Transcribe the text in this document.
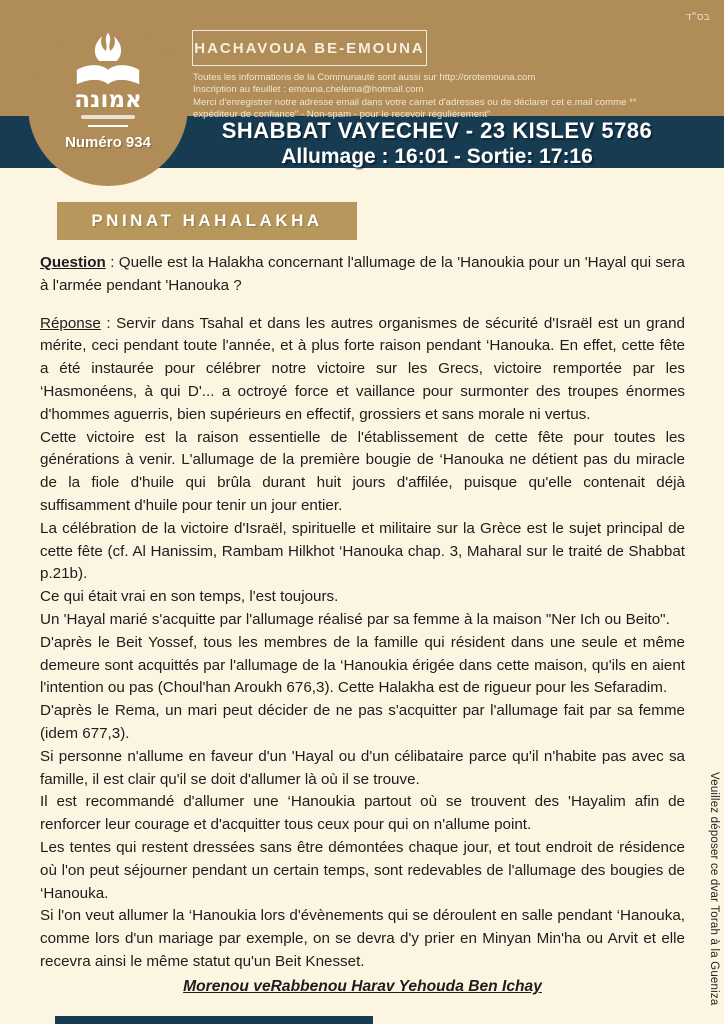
SHABBAT VAYECHEV - 23 KISLEV 5786
Allumage : 16:01 - Sortie: 17:16
בס"ד
HACHAVOUA BE-EMOUNA
Toutes les informations de la Communauté sont aussi sur http://orotemouna.com
Inscription au feuillet : emouna.chelema@hotmail.com
Merci d'enregistrer notre adresse email dans votre carnet d'adresses ou de déclarer cet e.mail comme **
expéditeur de confiance" - Non-spam - pour le recevoir régulièrement"
אמונה
Numéro 934
PNINAT HAHALAKHA

Question : Quelle est la Halakha concernant l'allumage de la 'Hanoukia pour un 'Hayal qui sera à l'armée pendant 'Hanouka ?

Réponse : Servir dans Tsahal et dans les autres organismes de sécurité d'Israël est un grand mérite, ceci pendant toute l'année, et à plus forte raison pendant ‘Hanouka. En effet, cette fête a été instaurée pour célébrer notre victoire sur les Grecs, victoire remportée par les ‘Hasmonéens, à qui D'... a octroyé force et vaillance pour surmonter des troupes énormes d'hommes aguerris, bien supérieurs en effectif, grossiers et sans morale ni vertus.

Cette victoire est la raison essentielle de l'établissement de cette fête pour toutes les générations à venir. L'allumage de la première bougie de ‘Hanouka ne détient pas du miracle de la fiole d'huile qui brûla durant huit jours d'affilée, puisque qu'elle contenait déjà suffisamment d'huile pour tenir un jour entier.

La célébration de la victoire d'Israël, spirituelle et militaire sur la Grèce est le sujet principal de cette fête (cf. Al Hanissim, Rambam Hilkhot ‘Hanouka chap. 3, Maharal sur le traité de Shabbat p.21b).

Ce qui était vrai en son temps, l'est toujours.

Un 'Hayal marié s'acquitte par l'allumage réalisé par sa femme à la maison "Ner Ich ou Beito".

D'après le Beit Yossef, tous les membres de la famille qui résident dans une seule et même demeure sont acquittés par l'allumage de la ‘Hanoukia érigée dans cette maison, qu'ils en aient l'intention ou pas (Choul'han Aroukh 676,3). Cette Halakha est de rigueur pour les Sefaradim.

D'après le Rema, un mari peut décider de ne pas s'acquitter par l'allumage fait par sa femme (idem 677,3).

Si personne n'allume en faveur d'un 'Hayal ou d'un célibataire parce qu'il n'habite pas avec sa famille, il est clair qu'il se doit d'allumer là où il se trouve.

Il est recommandé d'allumer une ‘Hanoukia partout où se trouvent des 'Hayalim afin de renforcer leur courage et d'acquitter tous ceux pour qui on n'allume point.

Les tentes qui restent dressées sans être démontées chaque jour, et tout endroit de résidence où l'on peut séjourner pendant un certain temps, sont redevables de l'allumage des bougies de ‘Hanouka.

Si l'on veut allumer la ‘Hanoukia lors d'évènements qui se déroulent en salle pendant ‘Hanouka, comme lors d'un mariage par exemple, on se devra d'y prier en Minyan Min'ha ou Arvit et elle recevra ainsi le même statut qu'un Beit Knesset.

Morenou veRabbenou Harav Yehouda Ben Ichay	Veuillez déposer ce dvar Torah à la Gueniza
